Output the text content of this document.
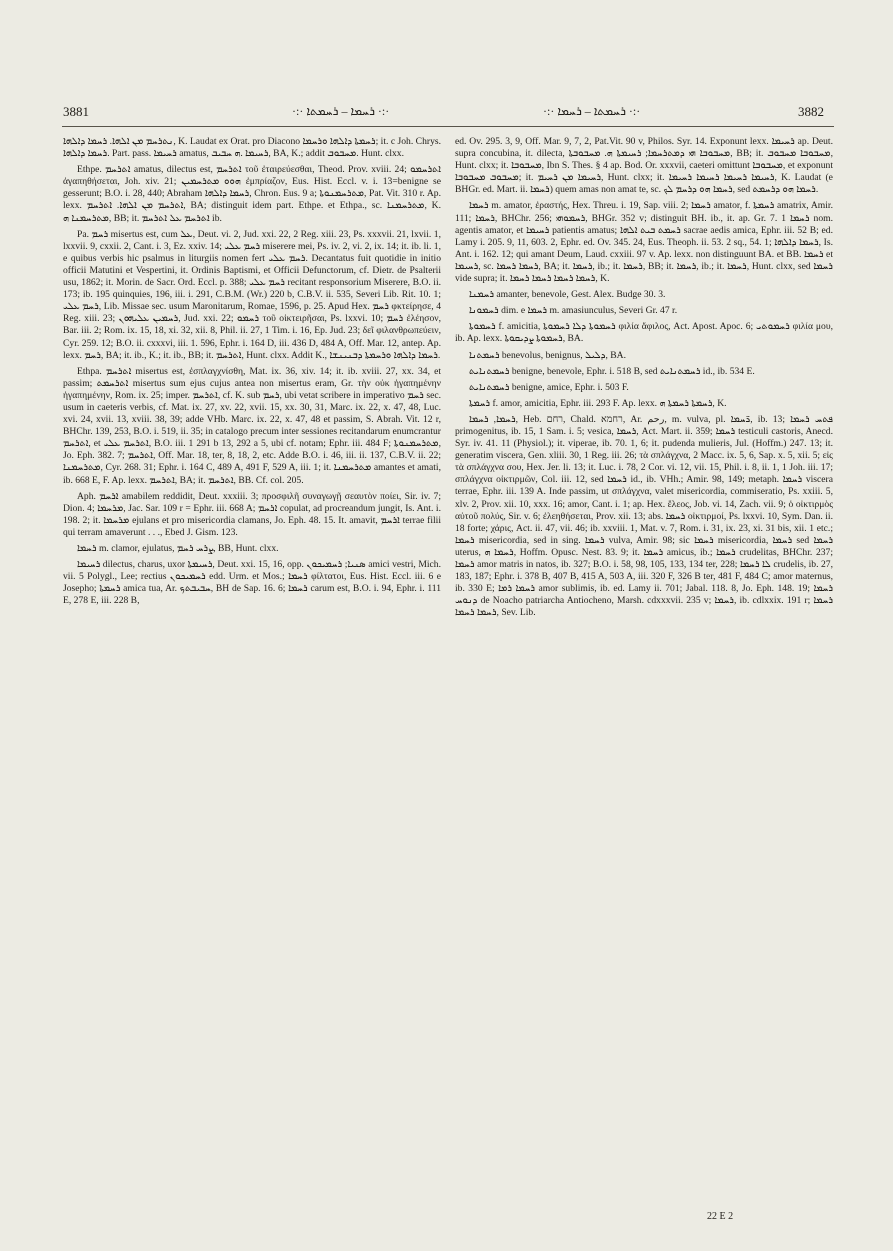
3881	·:· ܪܚܡܐ – ܪܚܡܬܐ ·:·	·:· ܪܚܡܬܐ – ܪܚܡܐ ·:·	3882

ܢܬܪܚܡ ܡܢ ܐܠܗܐ. ܪܚܡܐ ܕܐܠܗܐ, K. Laudat ex Orat. pro Diacono ܪܚܡܬܐ ܕܐܠܗܐ ܘܪܚܡܐ; it. c Joh. Chrys. ܪܚܡܐ ܕܐܠܗܐ. Part. pass. ܪܚܝܡܐ amatus, ܪܚܝܡܐ .ܗ ܚܒܝܒ, BA, K.; addit ܡܚܒܘܒ. Hunt. clxx.

Ethpe. ܐܬܪܚܡ amatus, dilectus est, ܐܬܪܚܡ τοῦ ἐταιρεύεσθαι, Theod. Prov. xviii. 24; ܐܬܪܚܡܘ ἀγαπηθήσεται, Joh. xiv. 21; ܗܘܘ ܡܬܪܚܡܝܢ ἐμπρίαζον, Eus. Hist. Eccl. v. i. 13=benigne se gesserunt; B.O. i. 28, 440; Abraham ܪܚܡܐ ܕܐܠܗܐ, Chron. Eus. 9 a; ܡܬܪܚܡܢܘܬܐ, Pat. Vit. 310 r. Ap. lexx. ܐܬܪܚܡ ܡܢ ܐܠܗܐ. ܐܬܪܚܡ, BA; distinguit idem part. Ethpe. et Ethpa., sc. ܡܬܪܚܡܢܐ, K. ܡܬܪܚܡܢܐ ܗ, BB; it. ܐܬܪܚܡ ܥܠ ܐܬܪܚܡ ib.

Pa. ܪܚܡ misertus est, cum ܥܠ, Deut. vi. 2, Jud. xxi. 22, 2 Reg. xiii. 23, Ps. xxxvii. 21, lxvii. 1, lxxvii. 9, cxxii. 2, Cant. i. 3, Ez. xxiv. 14; ܪܚܡ ܥܠܝ miserere mei, Ps. iv. 2, vi. 2, ix. 14; it. ib. li. 1, e quibus verbis hic psalmus in liturgiis nomen fert ܪܚܡ ܥܠܝ. Decantatus fuit quotidie in initio officii Matutini et Vespertini, it. Ordinis Baptismi, et Officii Defunctorum, cf. Dietr. de Psalterii usu, 1862; it. Morin. de Sacr. Ord. Eccl. p. 388; ܪܚܡ ܥܠܝ recitant responsorium Miserere, B.O. ii. 173; ib. 195 quinquies, 196, iii. i. 291, C.B.M. (Wr.) 220 b, C.B.V. ii. 535, Severi Lib. Rit. 10. 1; ܪܚܡ ܥܠܝ, Lib. Missae sec. usum Maronitarum, Romae, 1596, p. 25. Apud Hex. ܪܚܡ φκτείρησε, 4 Reg. xiii. 23; ܪܚܡܝܢ ܥܠܝܗܘܢ, Jud. xxi. 22; ܪܚܡܘ τοῦ οἰκτειρῆσαι, Ps. lxxvi. 10; ܪܚܡ ἐλέησον, Bar. iii. 2; Rom. ix. 15, 18, xi. 32, xii. 8, Phil. ii. 27, 1 Tim. i. 16, Ep. Jud. 23; δεῖ φιλανθρωπεύειν, Cyr. 259. 12; B.O. ii. cxxxvi, iii. 1. 596, Ephr. i. 164 D, iii. 436 D, 484 A, Off. Mar. 12, antep. Ap. lexx. ܪܚܡ, BA; it. ib., K.; it. ib., BB; it. ܐܬܪܚܡ, Hunt. clxx. Addit K., ܪܚܡܐ ܕܐܠܗܐ ܘܪܚܡܬܐ ܕܒܢܝܢܫܐ.

Ethpa. ܐܬܪܚܡ misertus est, ἐσπλαγχνίσθη, Mat. ix. 36, xiv. 14; it. ib. xviii. 27, xx. 34, et passim; ܐܬܪܚܡܬ misertus sum ejus cujus antea non misertus eram, Gr. τὴν οὐκ ἠγαπημένην ἠγαπημένην, Rom. ix. 25; imper. ܐܬܪܚܡ, cf. K. sub ܪܚܡ, ubi vetat scribere in imperativo ܪܚܡ sec. usum in caeteris verbis, cf. Mat. ix. 27, xv. 22, xvii. 15, xx. 30, 31, Marc. ix. 22, x. 47, 48, Luc. xvi. 24, xvii. 13, xviii. 38, 39; adde VHb. Marc. ix. 22, x. 47, 48 et passim, S. Abrah. Vit. 12 r, BHChr. 139, 253, B.O. i. 519, ii. 35; in catalogo precum inter sessiones recitandarum enumcrantur ܐܬܪܚܡ, et ܐܬܪܚܡ ܥܠܝ, B.O. iii. 1 291 b 13, 292 a 5, ubi cf. notam; Ephr. iii. 484 F; ܡܬܪܚܡܢܘܬܐ, Jo. Eph. 382. 7; ܐܬܪܚܡ, Off. Mar. 18, ter, 8, 18, 2, etc. Adde B.O. i. 46, iii. ii. 137, C.B.V. ii. 22; ܡܬܪܚܡܢܐ, Cyr. 268. 31; Ephr. i. 164 C, 489 A, 491 F, 529 A, iii. 1; it. ܡܬܪܚܡܢܐ amantes et amati, ib. 668 E, F. Ap. lexx. ܐܬܪܚܡ, BA; it. ܐܬܪܚܡ, BB. Cf. col. 205.

Aph. ܐܪܚܡ amabilem reddidit, Deut. xxxiii. 3; προσφιλῆ συναγωγῇ σεαυτὸν ποίει, Sir. iv. 7; Dion. 4; ܡܪܚܡܐ, Jac. Sar. 109 r = Ephr. iii. 668 A; ܐܪܚܡ copulat, ad procreandum jungit, Is. Ant. i. 198. 2; it. ܡܪܚܡܐ ejulans et pro misericordia clamans, Jo. Eph. 48. 15. It. amavit, ܐܪܚܡ terrae filii qui terram amaverunt . . ., Ebed J. Gism. 123.

ܪܚܡܐ m. clamor, ejulatus, ܨܪܚ ܪܚܡ, BB, Hunt. clxx.

ܪܚܝܡܐ dilectus, charus, uxor ܪܚܝܡܬܐ, Deut. xxi. 15, 16, opp. ܣܢܝܐ; ܪܚܡܝܟܘܢ amici vestri, Mich. vii. 5 Polygl., Lee; rectius ܪܚܡܝܟܘܢ edd. Urm. et Mos.; ܪܚܡܐ φίλτατοι, Eus. Hist. Eccl. iii. 6 e Josepho; ܪܚܡܬܐ amica tua, Ar. ܚܒܝܒܬܟ, BH de Sap. 16. 6; ܪܚܡܐ carum est, B.O. i. 94, Ephr. i. 111 E, 278 E, iii. 228 B,

ed. Ov. 295. 3, 9, Off. Mar. 9, 7, 2, Pat.Vit. 90 v, Philos. Syr. 14. Exponunt lexx. ܪܚܝܡܐ ap. Deut. supra concubina, it. dilecta, ܡܚܒܘܒܐ ܗܝ ܕܡܬܪܚܡܐ; ܪܚܝܡܬܐ ܗ. ܡܚܒܘܒܬܐ, BB; it. ܡܚܒܘܒܐ ܡܚܒܘܒ, Hunt. clxx; it. ܡܚܒܘܒܐ, Ibn S. Thes. § 4 ap. Bod. Or. xxxvii, caeteri omittunt ܡܚܒܘܒܐ, et exponunt ܡܚܒܘܒ ܡܚܒܘܒܐ; it. ܪܚܝܡܐ ܡܢ ܪܚܝܡ, Hunt. clxx; it. ܪܚܝܡܐ ܪܚܝܡܐ ܪܚܝܡܐ ܪܚܝܡܐ, K. Laudat (e BHGr. ed. Mart. ii. ܪܚܡܐ) quem amas non amat te, sc. ܪܚܡܐ ܗܘ ܕܪܚܡ ܠܟ, sed ܪܚܡܐ ܗܘ ܕܪܚܡܬ.

ܪܚܡܐ m. amator, ἐραστής, Hex. Threu. i. 19, Sap. viii. 2; ܪܚܡܐ amator, f. ܪܚܡܬܐ amatrix, Amir. 111; ܪܚܡܐ, BHChr. 256; ܪܚܡܘܗܝ, BHGr. 352 v; distinguit BH. ib., it. ap. Gr. 7. 1 ܪܚܡܐ nom. agentis amator, et ܪܚܝܡܐ patientis amatus; ܪܚܡܬ ܒܝܬ ܐܠܗܐ sacrae aedis amica, Ephr. iii. 52 B; ed. Lamy i. 205. 9, 11, 603. 2, Ephr. ed. Ov. 345. 24, Eus. Theoph. ii. 53. 2 sq., 54. 1; ܪܚܡܐ ܕܐܠܗܐ, Is. Ant. i. 162. 12; qui amant Deum, Laud. cxxiii. 97 v. Ap. lexx. non distinguunt BA. et BB. ܪܚܡܐ et ܪܚܝܡܐ, sc. ܪܚܡܐ ܪܚܡܐ, BA; it. ܪܚܡܐ, ib.; it. ܪܚܡܐ, BB; it. ܪܚܡܐ, ib.; it. ܪܚܡܐ, Hunt. clxx, sed ܪܚܡܐ vide supra; it. ܪܚܡܐ ܪܚܡܐ ܪܚܡܐ ܪܚܡܐ, K.

ܪܚܡܢܐ amanter, benevole, Gest. Alex. Budge 30. 3.

ܪܚܡܘܢܐ dim. e ܪܚܡܐ m. amasiunculus, Severi Gr. 47 r.

ܪܚܡܘܬܐ f. amicitia, ܪܚܡܘܬܐ ܕܠܐ ܪܚܡܘܬܐ φιλία ἄφιλος, Act. Apost. Apoc. 6; ܪܚܡܘܬܝ φιλία μου, ib. Ap. lexx. ܪܚܡܘܬܐ ܨܕܝܩܘܬܐ, BA.

ܪܚܡܬܢܐ benevolus, benignus, ܕܠܝܠ, BA.

ܪܚܡܬܢܐܝܬ benigne, benevole, Ephr. i. 518 B, sed ܪܚܡܬܢܐܝܬ id., ib. 534 E.

ܪܚܡܬܢܐܝܬ benigne, amice, Ephr. i. 503 F.

ܪܚܡܬܐ f. amor, amicitia, Ephr. iii. 293 F. Ap. lexx. ܪܚܡܬܐ ܪܚܡܬܐ ܗ, K.

ܪܚܡܐ, ܪܚܡܐ, Heb. רחם, Chald. רחמא, Ar. رحم, m. vulva, pl. ܪ̈ܚܡܐ, ib. 13; ܦܬܚ ܪܚܡܐ primogenitus, ib. 15, 1 Sam. i. 5; vesica, ܪܚܡܐ, Act. Mart. ii. 359; ܪܚܡܐ testiculi castoris, Anecd. Syr. iv. 41. 11 (Physiol.); it. viperae, ib. 70. 1, 6; it. pudenda mulieris, Jul. (Hoffm.) 247. 13; it. generatim viscera, Gen. xliii. 30, 1 Reg. iii. 26; τὰ σπλάγχνα, 2 Macc. ix. 5, 6, Sap. x. 5, xii. 5; εἰς τὰ σπλάγχνα σου, Hex. Jer. li. 13; it. Luc. i. 78, 2 Cor. vi. 12, vii. 15, Phil. i. 8, ii. 1, 1 Joh. iii. 17; σπλάγχνα οἰκτιρμῶν, Col. iii. 12, sed ܪܚܡܐ id., ib. VHh.; Amir. 98, 149; metaph. ܪܚܡܐ viscera terrae, Ephr. iii. 139 A. Inde passim, ut σπλάγχνα, valet misericordia, commiseratio, Ps. xxiii. 5, xlv. 2, Prov. xii. 10, xxx. 16; amor, Cant. i. 1; ap. Hex. ἔλεος, Job. vi. 14, Zach. vii. 9; ὁ οἰκτιρμὸς αὐτοῦ πολύς, Sir. v. 6; ἐλεηθήσεται, Prov. xii. 13; abs. ܪܚܡܐ οἰκτιρμοί, Ps. lxxvi. 10, Sym. Dan. ii. 18 forte; χάρις, Act. ii. 47, vii. 46; ib. xxviii. 1, Mat. v. 7, Rom. i. 31, ix. 23, xi. 31 bis, xii. 1 etc.; ܪܚܡܐ misericordia, sed in sing. ܪܚܡܐ vulva, Amir. 98; sic ܪܚܡܐ misericordia, ܪܚܡܐ sed ܪܚܡܐ uterus, ܪܚܡܐ ܗ, Hoffm. Opusc. Nest. 83. 9; it. ܪܚܡܐ amicus, ib.; ܪܚܡܐ crudelitas, BHChr. 237; ܪܚܡܐ amor matris in natos, ib. 327; B.O. i. 58, 98, 105, 133, 134 ter, 228; ܠܐ ܪܚܡܐ crudelis, ib. 27, 183, 187; Ephr. i. 378 B, 407 B, 415 A, 503 A, iii. 320 F, 326 B ter, 481 F, 484 C; amor maternus, ib. 330 E; ܪܚܡܐ ܪܡܐ amor sublimis, ib. ed. Lamy ii. 701; Jabal. 118. 8, Jo. Eph. 148. 19; ܪܚܡܐ ܕܢܘܚ de Noacho patriarcha Antiocheno, Marsh. cdxxxvii. 235 v; ܪܚܡܐ, ib. cdlxxix. 191 r; ܪܚܡܐ ܪܚܡܐ ܪܚܡܐ, Sev. Lib.

22 E 2
